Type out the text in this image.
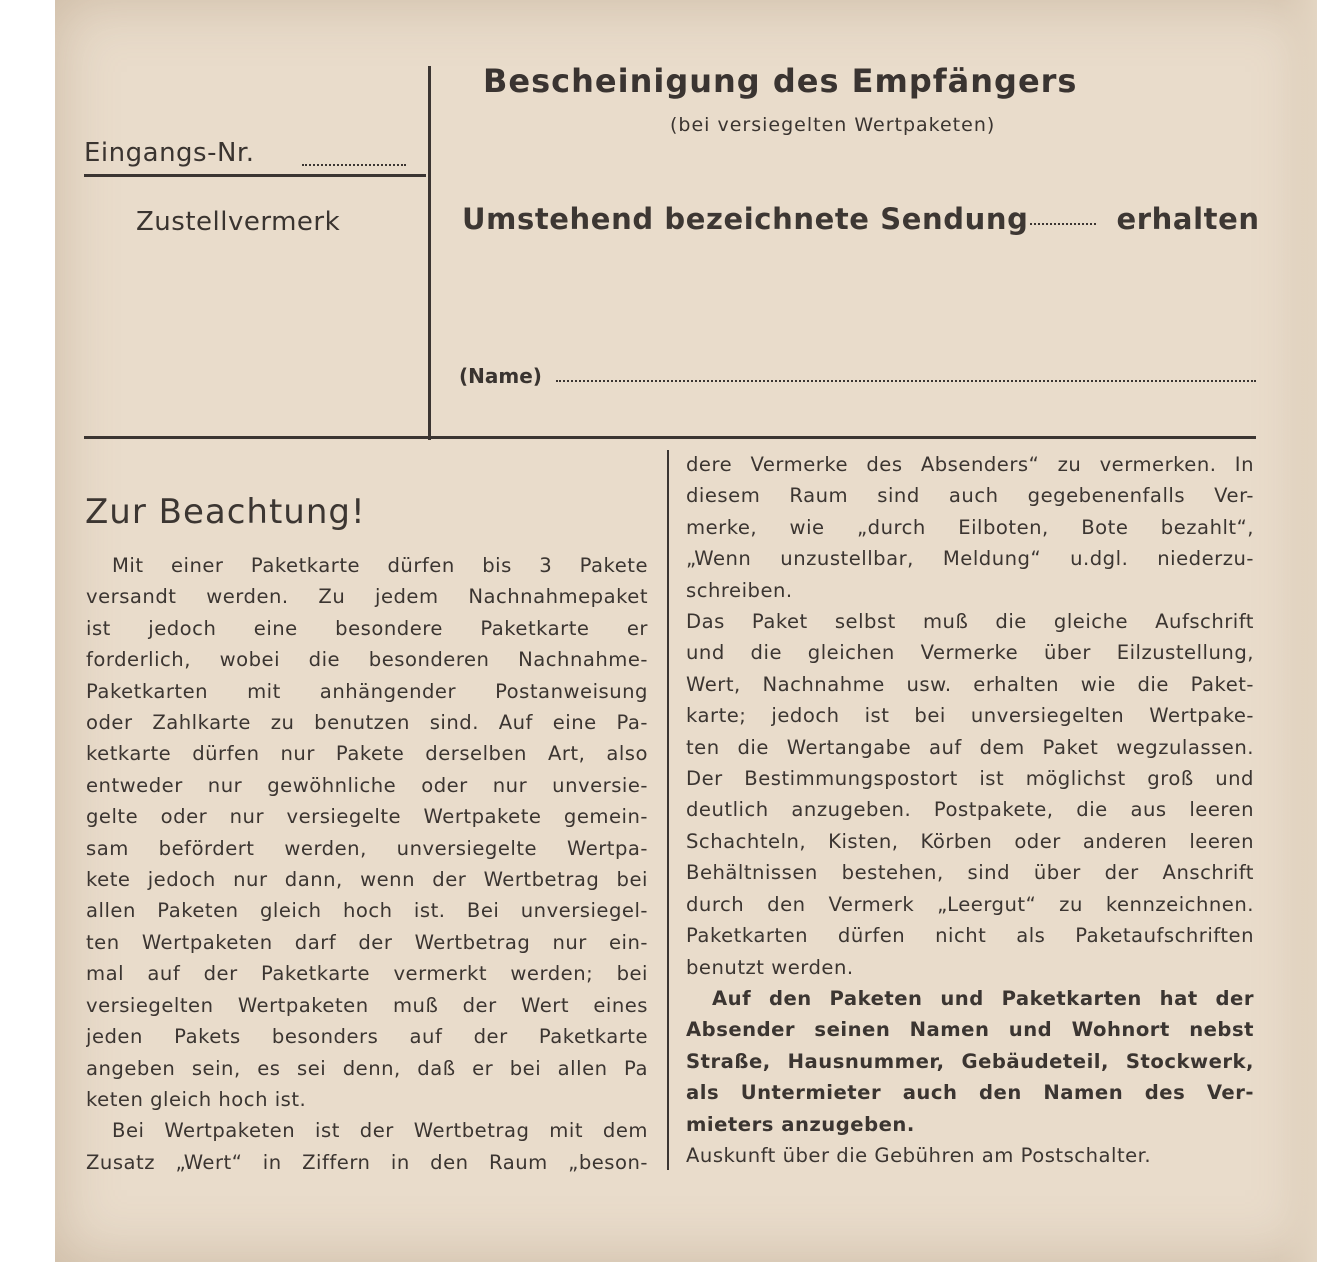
Bescheinigung des Empfängers
(bei versiegelten Wertpaketen)
Eingangs-Nr.
Zustellvermerk	Umstehend bezeichnete Sendung	erhalten
(Name)
Zur Beachtung!
Mit einer Paketkarte dürfen bis 3 Pakete
versandt werden. Zu jedem Nachnahmepaket
ist jedoch eine besondere Paketkarte er
forderlich, wobei die besonderen Nachnahme-
Paketkarten mit anhängender Postanweisung
oder Zahlkarte zu benutzen sind. Auf eine Pa-
ketkarte dürfen nur Pakete derselben Art, also
entweder nur gewöhnliche oder nur unversie-
gelte oder nur versiegelte Wertpakete gemein-
sam befördert werden, unversiegelte Wertpa-
kete jedoch nur dann, wenn der Wertbetrag bei
allen Paketen gleich hoch ist. Bei unversiegel-
ten Wertpaketen darf der Wertbetrag nur ein-
mal auf der Paketkarte vermerkt werden; bei
versiegelten Wertpaketen muß der Wert eines
jeden Pakets besonders auf der Paketkarte
angeben sein, es sei denn, daß er bei allen Pa
keten gleich hoch ist.
Bei Wertpaketen ist der Wertbetrag mit dem
Zusatz „Wert“ in Ziffern in den Raum „beson-
dere Vermerke des Absenders“ zu vermerken. In
diesem Raum sind auch gegebenenfalls Ver-
merke, wie „durch Eilboten, Bote bezahlt“,
„Wenn unzustellbar, Meldung“ u.dgl. niederzu-
schreiben.
Das Paket selbst muß die gleiche Aufschrift
und die gleichen Vermerke über Eilzustellung,
Wert, Nachnahme usw. erhalten wie die Paket-
karte; jedoch ist bei unversiegelten Wertpake-
ten die Wertangabe auf dem Paket wegzulassen.
Der Bestimmungspostort ist möglichst groß und
deutlich anzugeben. Postpakete, die aus leeren
Schachteln, Kisten, Körben oder anderen leeren
Behältnissen bestehen, sind über der Anschrift
durch den Vermerk „Leergut“ zu kennzeichnen.
Paketkarten dürfen nicht als Paketaufschriften
benutzt werden.
Auf den Paketen und Paketkarten hat der
Absender seinen Namen und Wohnort nebst
Straße, Hausnummer, Gebäudeteil, Stockwerk,
als Untermieter auch den Namen des Ver-
mieters anzugeben.
Auskunft über die Gebühren am Postschalter.
